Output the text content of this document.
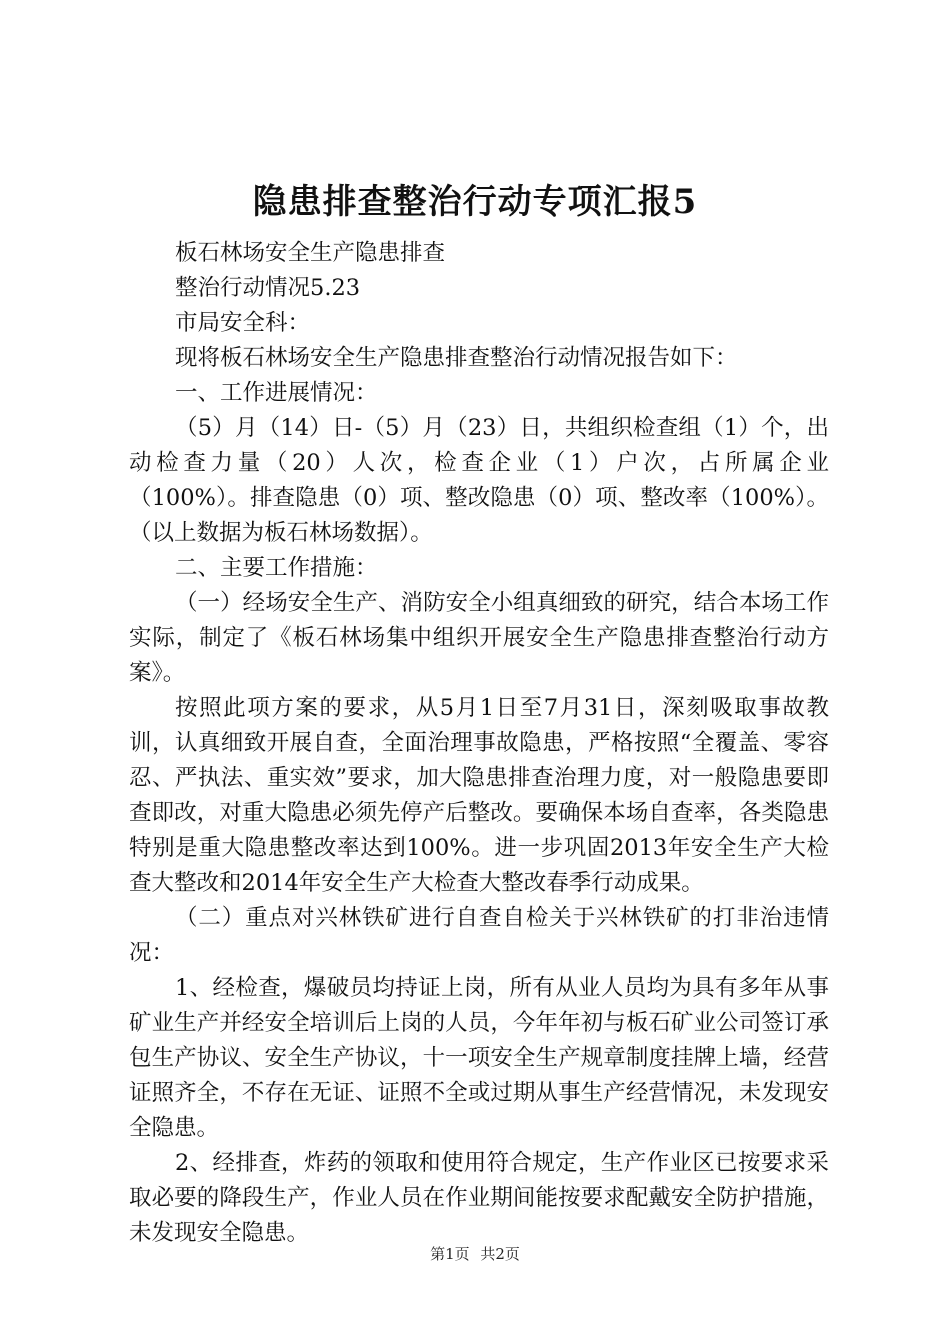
隐患排查整治行动专项汇报5

板石林场安全生产隐患排查

整治行动情况5.23

市局安全科：

现将板石林场安全生产隐患排查整治行动情况报告如下：

一、工作进展情况：

（5）月（14）日-（5）月（23）日，共组织检查组（1）个，出动检查力量（20）人次，检查企业（1）户次，占所属企业（100%）。排查隐患（0）项、整改隐患（0）项、整改率（100%）。（以上数据为板石林场数据）。

二、主要工作措施：

（一）经场安全生产、消防安全小组真细致的研究，结合本场工作实际，制定了《板石林场集中组织开展安全生产隐患排查整治行动方案》。

按照此项方案的要求，从5月1日至7月31日，深刻吸取事故教训，认真细致开展自查，全面治理事故隐患，严格按照“全覆盖、零容忍、严执法、重实效”要求，加大隐患排查治理力度，对一般隐患要即查即改，对重大隐患必须先停产后整改。要确保本场自查率，各类隐患特别是重大隐患整改率达到100%。进一步巩固2013年安全生产大检查大整改和2014年安全生产大检查大整改春季行动成果。

（二）重点对兴林铁矿进行自查自检关于兴林铁矿的打非治违情况：

1、经检查，爆破员均持证上岗，所有从业人员均为具有多年从事矿业生产并经安全培训后上岗的人员，今年年初与板石矿业公司签订承包生产协议、安全生产协议，十一项安全生产规章制度挂牌上墙，经营证照齐全，不存在无证、证照不全或过期从事生产经营情况，未发现安全隐患。

2、经排查，炸药的领取和使用符合规定，生产作业区已按要求采取必要的降段生产，作业人员在作业期间能按要求配戴安全防护措施，未发现安全隐患。

第1页 共2页
